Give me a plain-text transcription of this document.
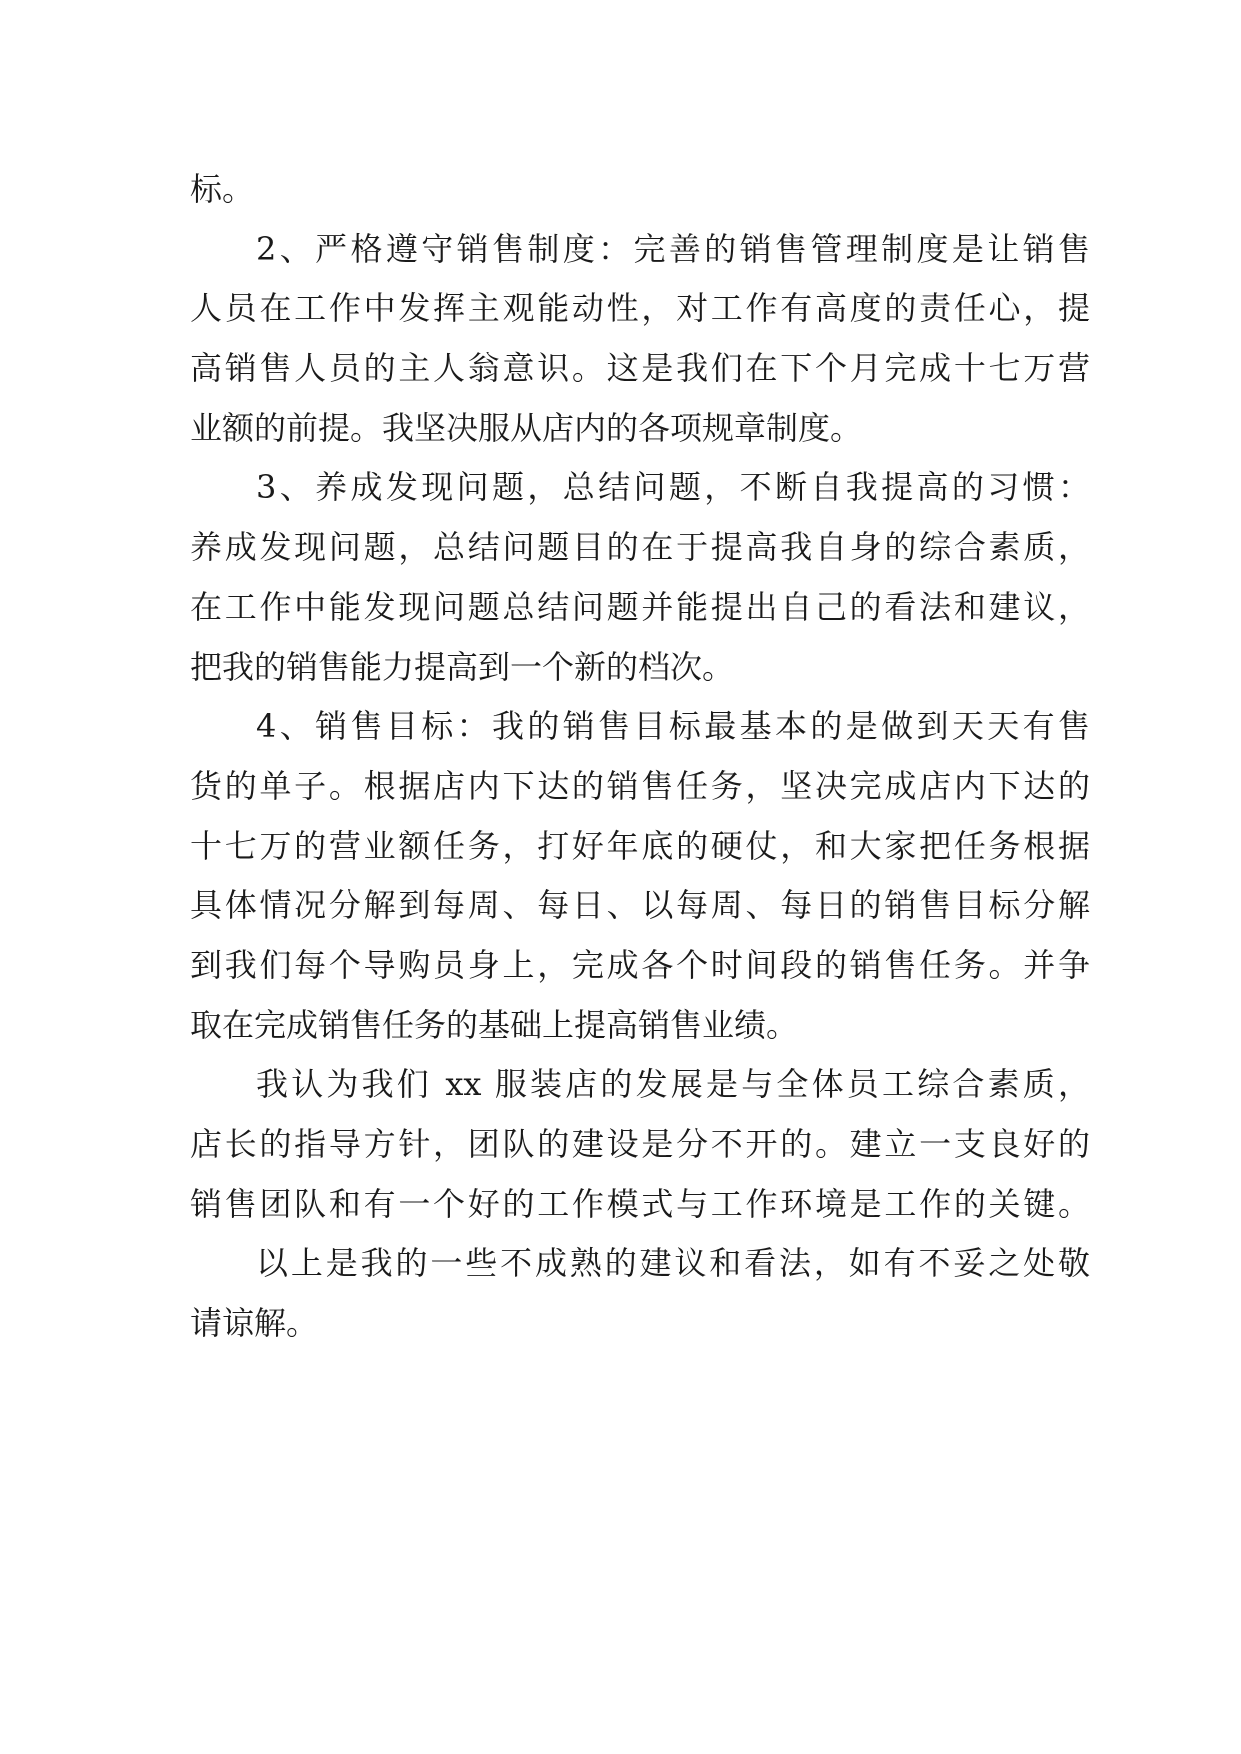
标。

2、严格遵守销售制度：完善的销售管理制度是让销售

人员在工作中发挥主观能动性，对工作有高度的责任心，提

高销售人员的主人翁意识。这是我们在下个月完成十七万营

业额的前提。我坚决服从店内的各项规章制度。

3、养成发现问题，总结问题，不断自我提高的习惯：

养成发现问题，总结问题目的在于提高我自身的综合素质，

在工作中能发现问题总结问题并能提出自己的看法和建议，

把我的销售能力提高到一个新的档次。

4、销售目标：我的销售目标最基本的是做到天天有售

货的单子。根据店内下达的销售任务，坚决完成店内下达的

十七万的营业额任务，打好年底的硬仗，和大家把任务根据

具体情况分解到每周、每日、以每周、每日的销售目标分解

到我们每个导购员身上，完成各个时间段的销售任务。并争

取在完成销售任务的基础上提高销售业绩。

我认为我们 xx 服装店的发展是与全体员工综合素质，

店长的指导方针，团队的建设是分不开的。建立一支良好的

销售团队和有一个好的工作模式与工作环境是工作的关键。

以上是我的一些不成熟的建议和看法，如有不妥之处敬

请谅解。
